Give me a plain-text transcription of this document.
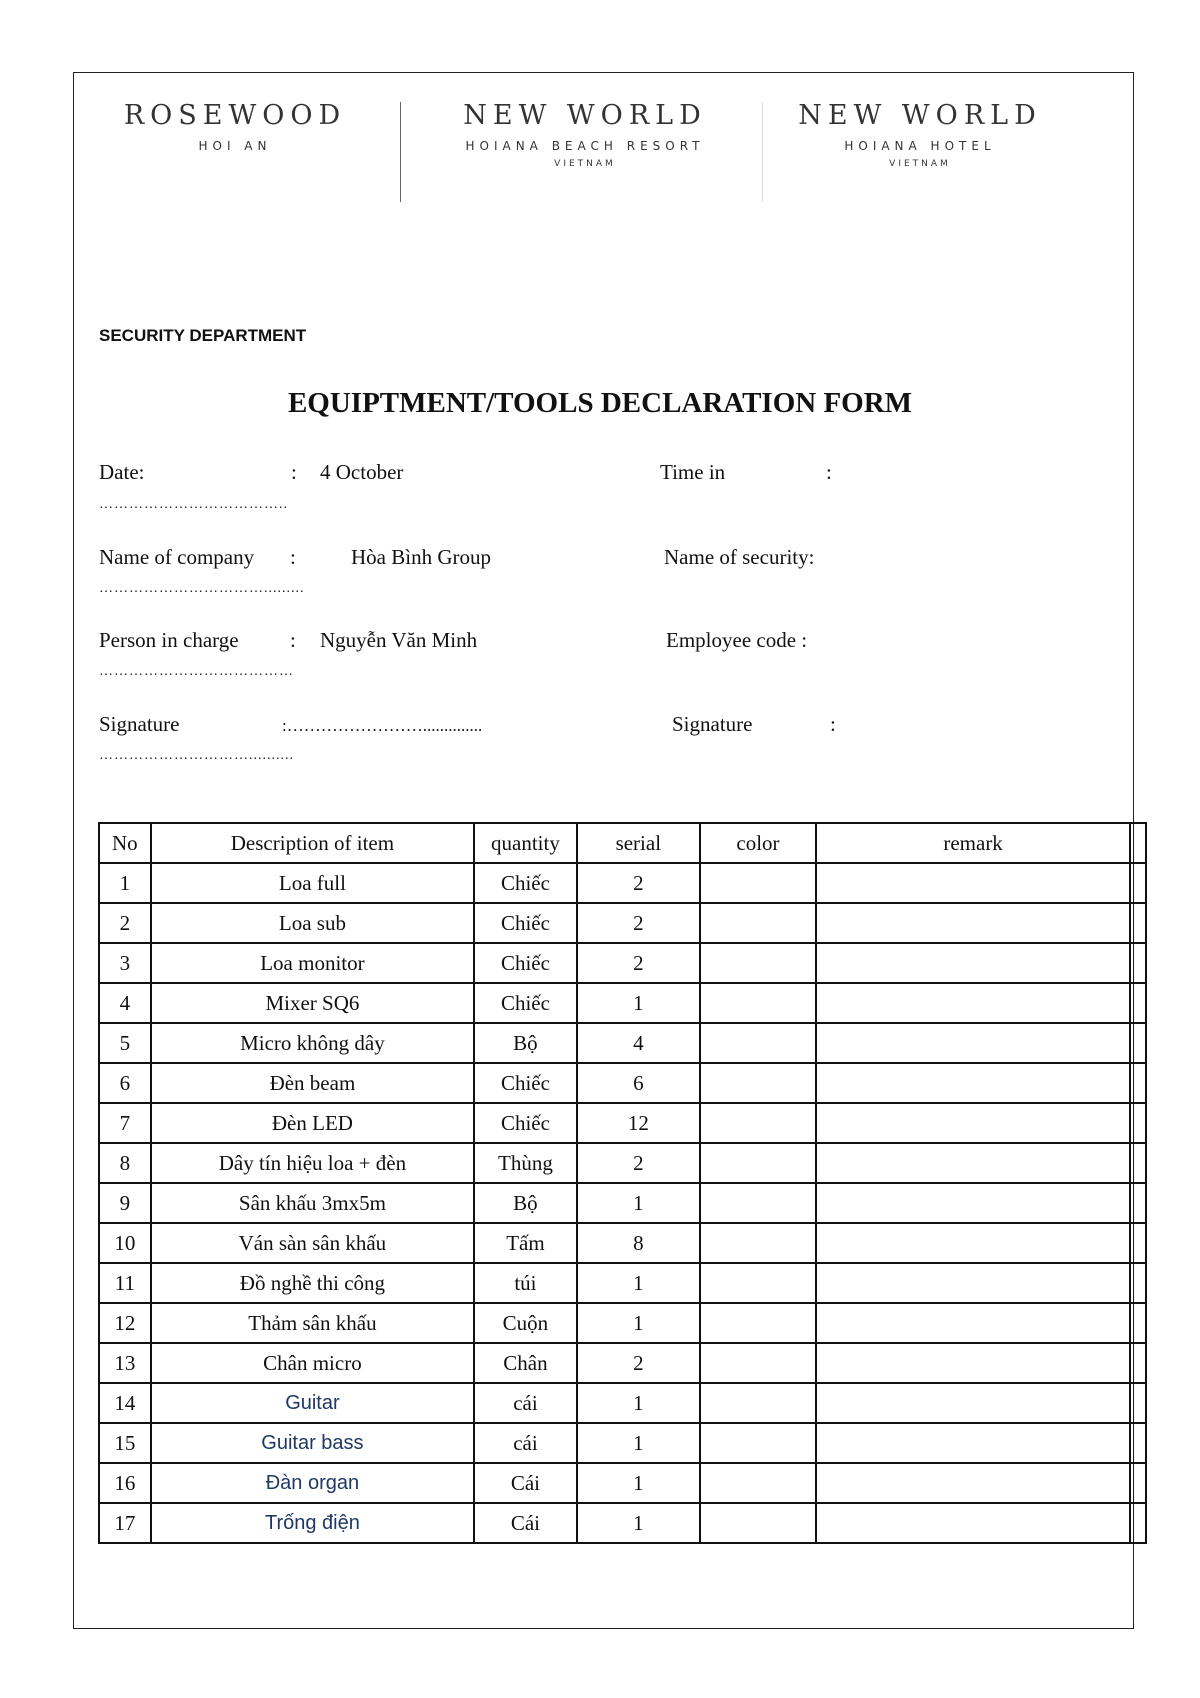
ROSEWOOD
HOI AN
NEW WORLD
HOIANA BEACH RESORT
VIETNAM
NEW WORLD
HOIANA HOTEL
VIETNAM
SECURITY DEPARTMENT
EQUIPTMENT/TOOLS DECLARATION FORM
Date:	: 4 October	Time in	:
………………………………..
Name of company :	Hòa Bình Group	Name of security:
…………………………….........
Person in charge : Nguyễn Văn Minh	Employee code :
…………………………………
Signature	:……………………..............	Signature	:
…………………………..........
No	Description of item	quantity	serial	color	remark	
1	Loa full	Chiếc	2			
2	Loa sub	Chiếc	2			
3	Loa monitor	Chiếc	2			
4	Mixer SQ6	Chiếc	1			
5	Micro không dây	Bộ	4			
6	Đèn beam	Chiếc	6			
7	Đèn LED	Chiếc	12			
8	Dây tín hiệu loa + đèn	Thùng	2			
9	Sân khấu 3mx5m	Bộ	1			
10	Ván sàn sân khấu	Tấm	8			
11	Đồ nghề thi công	túi	1			
12	Thảm sân khấu	Cuộn	1			
13	Chân micro	Chân	2			
14	Guitar	cái	1			
15	Guitar bass	cái	1			
16	Đàn organ	Cái	1			
17	Trống điện	Cái	1			
